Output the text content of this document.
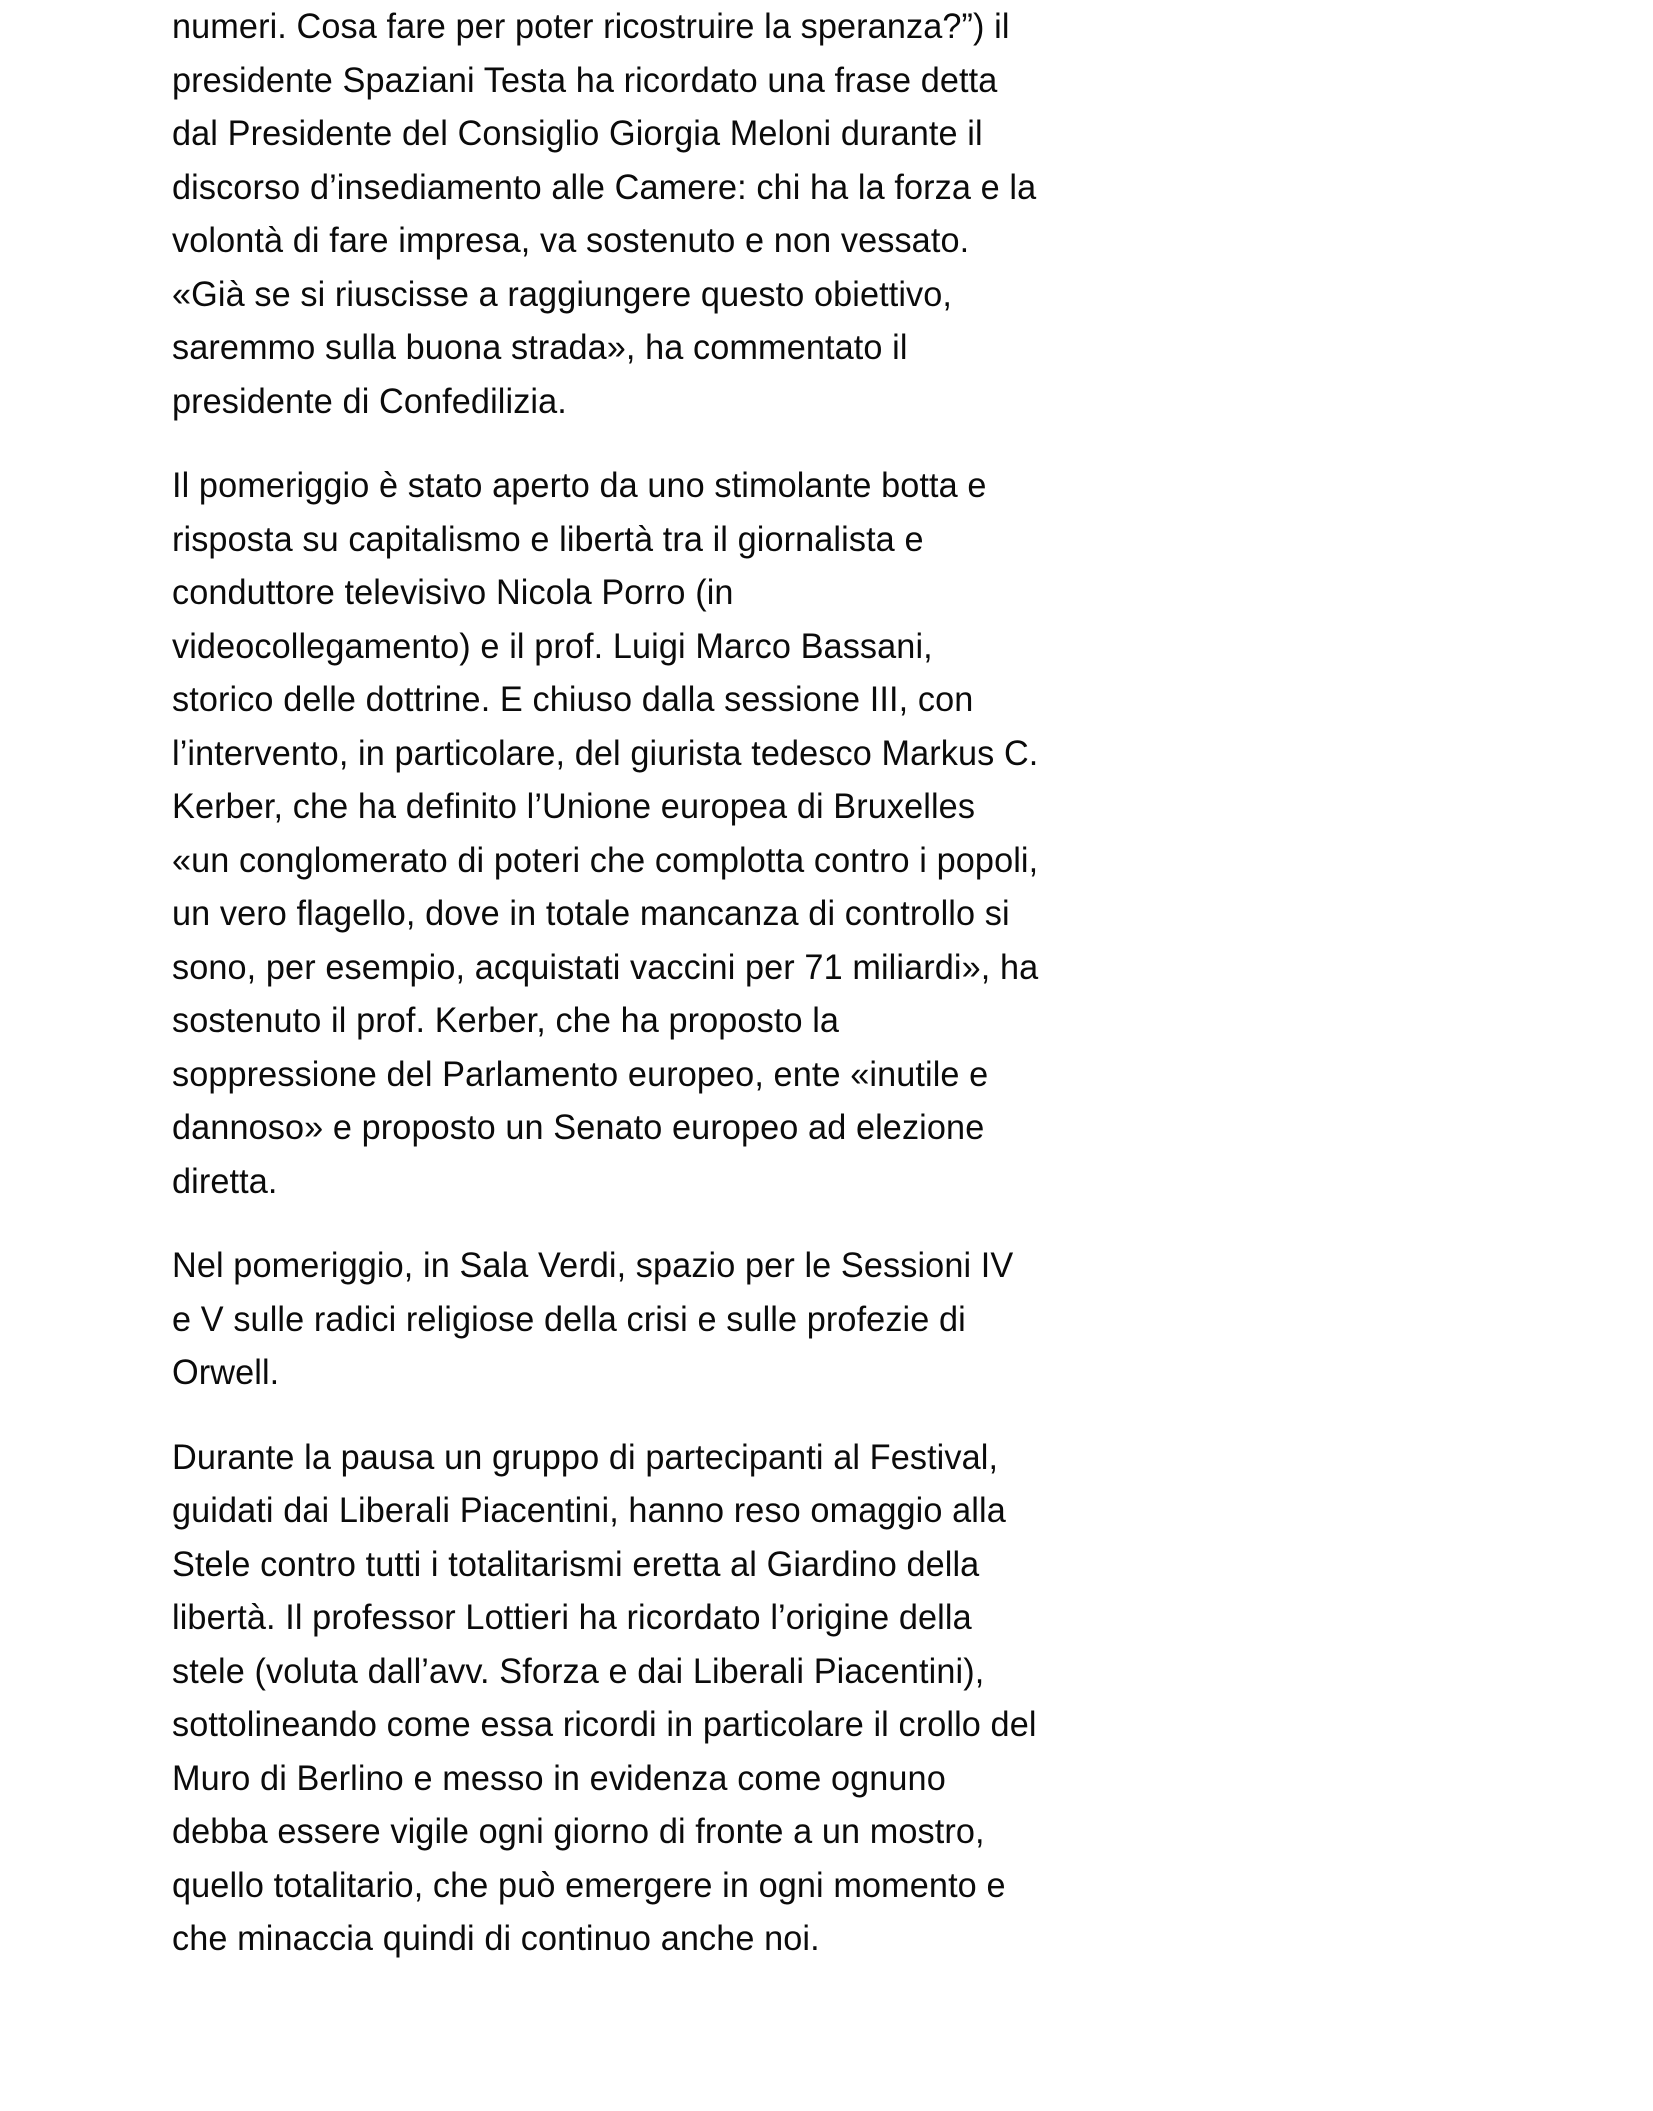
numeri. Cosa fare per poter ricostruire la speranza?”) il presidente Spaziani Testa ha ricordato una frase detta dal Presidente del Consiglio Giorgia Meloni durante il discorso d’insediamento alle Camere: chi ha la forza e la volontà di fare impresa, va sostenuto e non vessato. «Già se si riuscisse a raggiungere questo obiettivo, saremmo sulla buona strada», ha commentato il presidente di Confedilizia.

Il pomeriggio è stato aperto da uno stimolante botta e risposta su capitalismo e libertà tra il giornalista e conduttore televisivo Nicola Porro (in videocollegamento) e il prof. Luigi Marco Bassani, storico delle dottrine. E chiuso dalla sessione III, con l’intervento, in particolare, del giurista tedesco Markus C. Kerber, che ha definito l’Unione europea di Bruxelles «un conglomerato di poteri che complotta contro i popoli, un vero flagello, dove in totale mancanza di controllo si sono, per esempio, acquistati vaccini per 71 miliardi», ha sostenuto il prof. Kerber, che ha proposto la soppressione del Parlamento europeo, ente «inutile e dannoso» e proposto un Senato europeo ad elezione diretta.

Nel pomeriggio, in Sala Verdi, spazio per le Sessioni IV e V sulle radici religiose della crisi e sulle profezie di Orwell.

Durante la pausa un gruppo di partecipanti al Festival, guidati dai Liberali Piacentini, hanno reso omaggio alla Stele contro tutti i totalitarismi eretta al Giardino della libertà. Il professor Lottieri ha ricordato l’origine della stele (voluta dall’avv. Sforza e dai Liberali Piacentini), sottolineando come essa ricordi in particolare il crollo del Muro di Berlino e messo in evidenza come ognuno debba essere vigile ogni giorno di fronte a un mostro, quello totalitario, che può emergere in ogni momento e che minaccia quindi di continuo anche noi.
